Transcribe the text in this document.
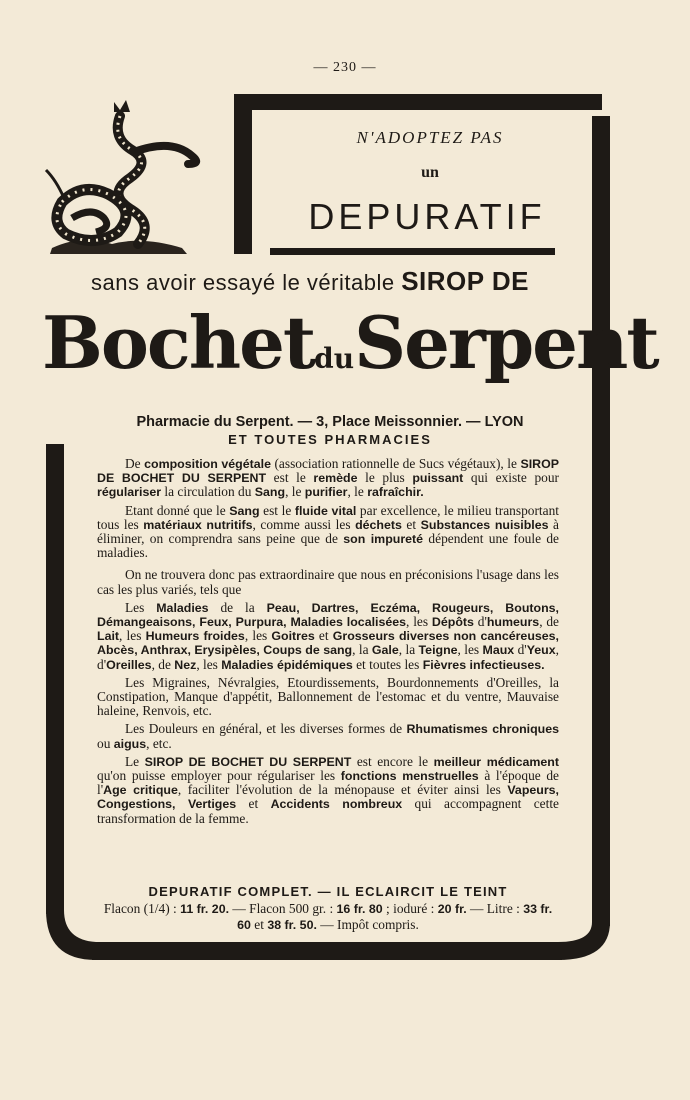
— 230 —
N'ADOPTEZ PAS
un
DEPURATIF
sans avoir essayé le véritable SIROP DE
BochetduSerpent
Pharmacie du Serpent. — 3, Place Meissonnier. — LYON
ET TOUTES PHARMACIES

De composition végétale (association rationnelle de Sucs végétaux), le SIROP DE BOCHET DU SERPENT est le remède le plus puissant qui existe pour régulariser la circulation du Sang, le purifier, le rafraîchir.

Etant donné que le Sang est le fluide vital par excellence, le milieu transportant tous les matériaux nutritifs, comme aussi les déchets et Substances nuisibles à éliminer, on comprendra sans peine que de son impureté dépendent une foule de maladies.

On ne trouvera donc pas extraordinaire que nous en préconisions l'usage dans les cas les plus variés, tels que

Les Maladies de la Peau, Dartres, Eczéma, Rougeurs, Boutons, Démangeaisons, Feux, Purpura, Maladies localisées, les Dépôts d'humeurs, de Lait, les Humeurs froides, les Goitres et Grosseurs diverses non cancéreuses, Abcès, Anthrax, Erysipèles, Coups de sang, la Gale, la Teigne, les Maux d'Yeux, d'Oreilles, de Nez, les Maladies épidémiques et toutes les Fièvres infectieuses.

Les Migraines, Névralgies, Etourdissements, Bourdonnements d'Oreilles, la Constipation, Manque d'appétit, Ballonnement de l'estomac et du ventre, Mauvaise haleine, Renvois, etc.

Les Douleurs en général, et les diverses formes de Rhumatismes chroniques ou aigus, etc.

Le SIROP DE BOCHET DU SERPENT est encore le meilleur médicament qu'on puisse employer pour régulariser les fonctions menstruelles à l'époque de l'Age critique, faciliter l'évolution de la ménopause et éviter ainsi les Vapeurs, Congestions, Vertiges et Accidents nombreux qui accompagnent cette transformation de la femme.

DEPURATIF COMPLET. — IL ECLAIRCIT LE TEINT
Flacon (1/4) : 11 fr. 20. — Flacon 500 gr. : 16 fr. 80 ; ioduré : 20 fr. — Litre : 33 fr. 60 et 38 fr. 50. — Impôt compris.
